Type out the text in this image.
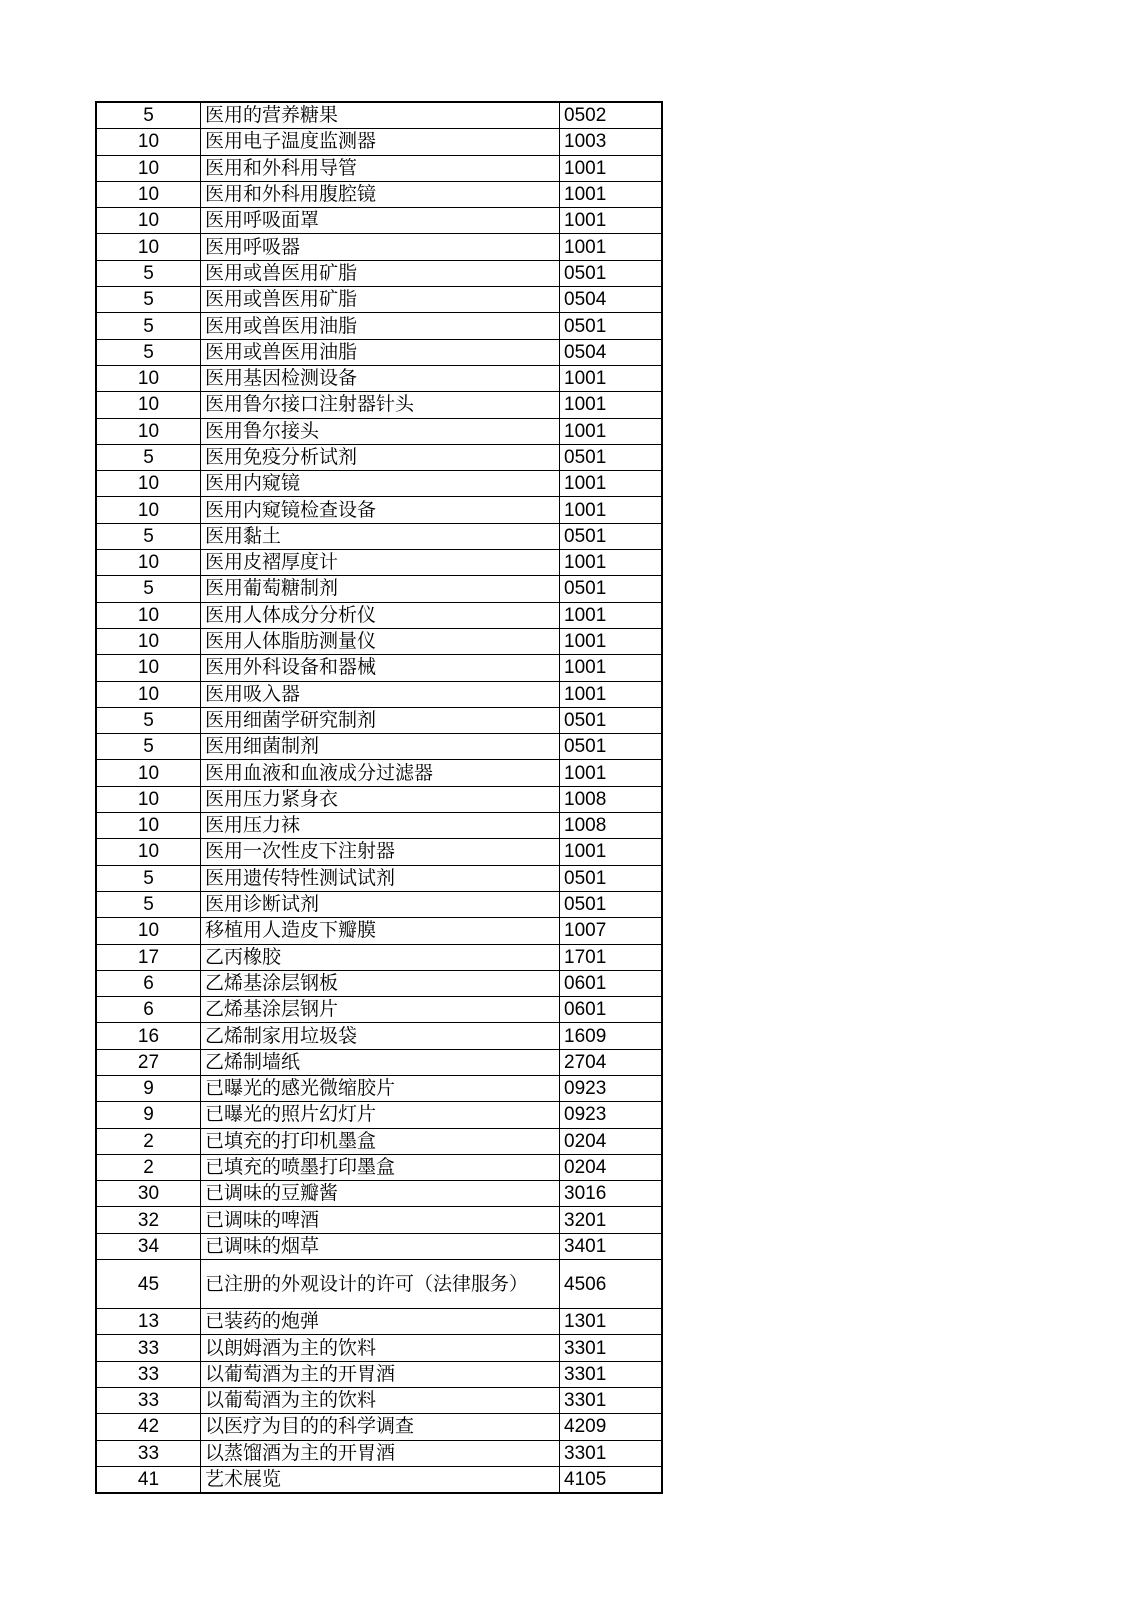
5	医用的营养糖果	0502
10	医用电子温度监测器	1003
10	医用和外科用导管	1001
10	医用和外科用腹腔镜	1001
10	医用呼吸面罩	1001
10	医用呼吸器	1001
5	医用或兽医用矿脂	0501
5	医用或兽医用矿脂	0504
5	医用或兽医用油脂	0501
5	医用或兽医用油脂	0504
10	医用基因检测设备	1001
10	医用鲁尔接口注射器针头	1001
10	医用鲁尔接头	1001
5	医用免疫分析试剂	0501
10	医用内窥镜	1001
10	医用内窥镜检查设备	1001
5	医用黏土	0501
10	医用皮褶厚度计	1001
5	医用葡萄糖制剂	0501
10	医用人体成分分析仪	1001
10	医用人体脂肪测量仪	1001
10	医用外科设备和器械	1001
10	医用吸入器	1001
5	医用细菌学研究制剂	0501
5	医用细菌制剂	0501
10	医用血液和血液成分过滤器	1001
10	医用压力紧身衣	1008
10	医用压力袜	1008
10	医用一次性皮下注射器	1001
5	医用遗传特性测试试剂	0501
5	医用诊断试剂	0501
10	移植用人造皮下瓣膜	1007
17	乙丙橡胶	1701
6	乙烯基涂层钢板	0601
6	乙烯基涂层钢片	0601
16	乙烯制家用垃圾袋	1609
27	乙烯制墙纸	2704
9	已曝光的感光微缩胶片	0923
9	已曝光的照片幻灯片	0923
2	已填充的打印机墨盒	0204
2	已填充的喷墨打印墨盒	0204
30	已调味的豆瓣酱	3016
32	已调味的啤酒	3201
34	已调味的烟草	3401
45	已注册的外观设计的许可（法律服务）	4506
13	已装药的炮弹	1301
33	以朗姆酒为主的饮料	3301
33	以葡萄酒为主的开胃酒	3301
33	以葡萄酒为主的饮料	3301
42	以医疗为目的的科学调查	4209
33	以蒸馏酒为主的开胃酒	3301
41	艺术展览	4105
